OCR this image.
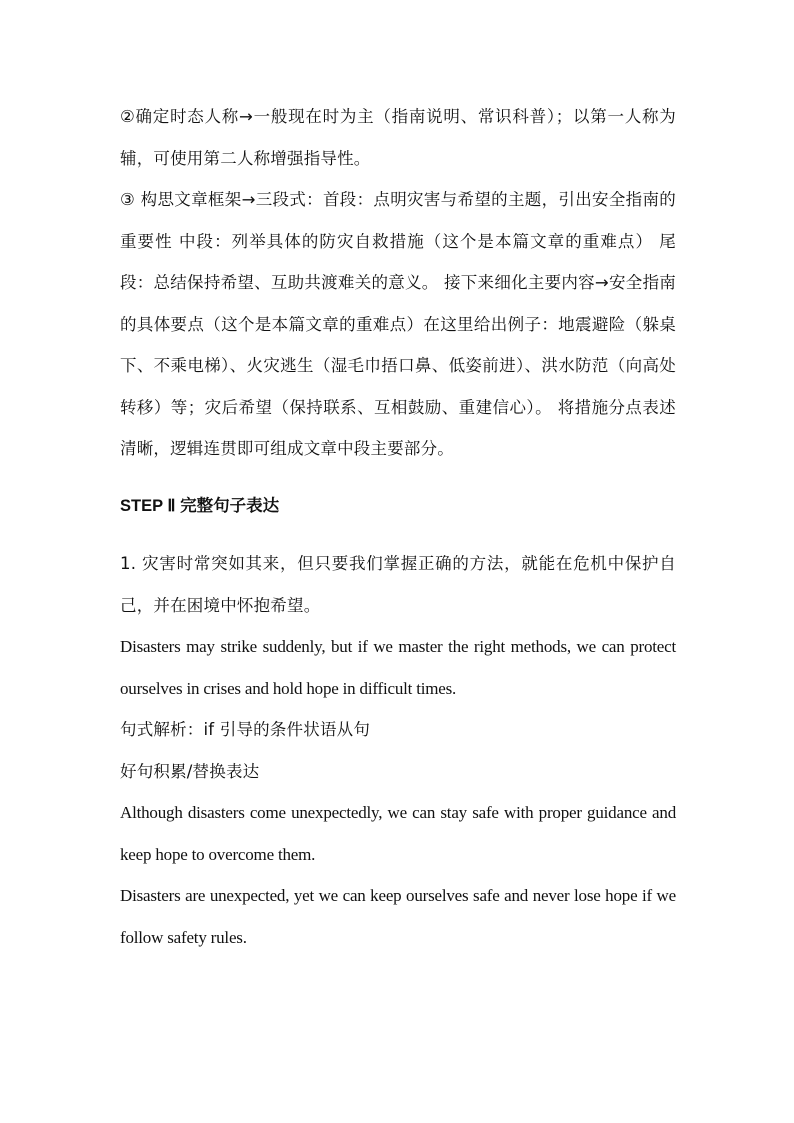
②确定时态人称→一般现在时为主（指南说明、常识科普）；以第一人称为辅，可使用第二人称增强指导性。

③ 构思文章框架→三段式：首段：点明灾害与希望的主题，引出安全指南的重要性 中段：列举具体的防灾自救措施（这个是本篇文章的重难点） 尾段：总结保持希望、互助共渡难关的意义。 接下来细化主要内容→安全指南的具体要点（这个是本篇文章的重难点）在这里给出例子：地震避险（躲桌下、不乘电梯）、火灾逃生（湿毛巾捂口鼻、低姿前进）、洪水防范（向高处转移）等；灾后希望（保持联系、互相鼓励、重建信心）。 将措施分点表述清晰，逻辑连贯即可组成文章中段主要部分。

STEP Ⅱ 完整句子表达

1. 灾害时常突如其来，但只要我们掌握正确的方法，就能在危机中保护自己，并在困境中怀抱希望。

Disasters may strike suddenly, but if we master the right methods, we can protect ourselves in crises and hold hope in difficult times.

句式解析：if 引导的条件状语从句

好句积累/替换表达

Although disasters come unexpectedly, we can stay safe with proper guidance and keep hope to overcome them.

Disasters are unexpected, yet we can keep ourselves safe and never lose hope if we follow safety rules.
